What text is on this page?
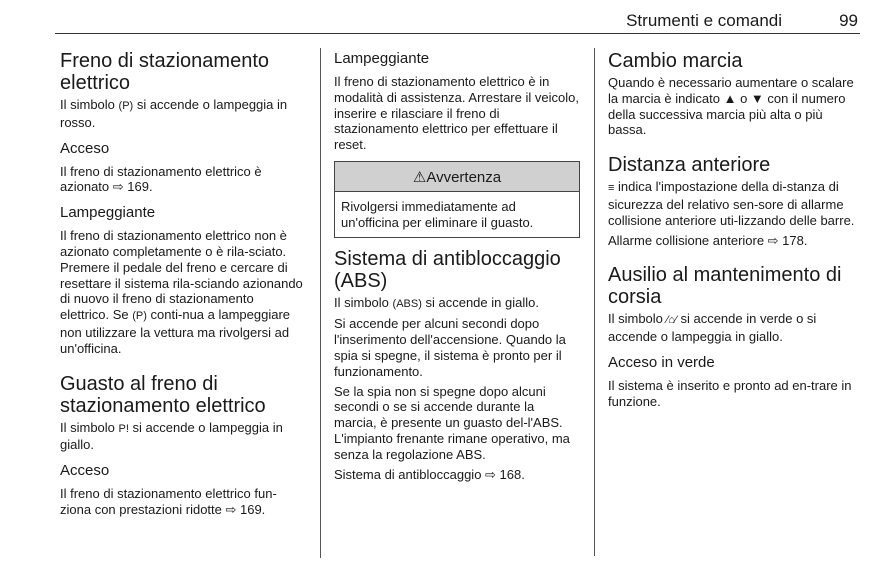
Strumenti e comandi	99
Freno di stazionamento elettrico

Il simbolo (P) si accende o lampeggia in rosso.

Acceso

Il freno di stazionamento elettrico è azionato ⇨ 169.

Lampeggiante

Il freno di stazionamento elettrico non è azionato completamente o è rila-sciato. Premere il pedale del freno e cercare di resettare il sistema rila-sciando azionando di nuovo il freno di stazionamento elettrico. Se (P) conti-nua a lampeggiare non utilizzare la vettura ma rivolgersi ad un'officina.

Guasto al freno di stazionamento elettrico

Il simbolo P! si accende o lampeggia in giallo.

Acceso

Il freno di stazionamento elettrico fun-ziona con prestazioni ridotte ⇨ 169.

Lampeggiante

Il freno di stazionamento elettrico è in modalità di assistenza. Arrestare il veicolo, inserire e rilasciare il freno di stazionamento elettrico per effettuare il reset.

⚠Avvertenza
Rivolgersi immediatamente ad un'officina per eliminare il guasto.
Sistema di antibloccaggio (ABS)

Il simbolo (ABS) si accende in giallo.

Si accende per alcuni secondi dopo l'inserimento dell'accensione. Quando la spia si spegne, il sistema è pronto per il funzionamento.

Se la spia non si spegne dopo alcuni secondi o se si accende durante la marcia, è presente un guasto del-l'ABS. L'impianto frenante rimane operativo, ma senza la regolazione ABS.

Sistema di antibloccaggio ⇨ 168.

Cambio marcia

Quando è necessario aumentare o scalare la marcia è indicato ▲ o ▼ con il numero della successiva marcia più alta o più bassa.

Distanza anteriore

≡ indica l'impostazione della di-stanza di sicurezza del relativo sen-sore di allarme collisione anteriore uti-lizzando delle barre.

Allarme collisione anteriore ⇨ 178.

Ausilio al mantenimento di corsia

Il simbolo ⁄⌂⁄ si accende in verde o si accende o lampeggia in giallo.

Acceso in verde

Il sistema è inserito e pronto ad en-trare in funzione.
